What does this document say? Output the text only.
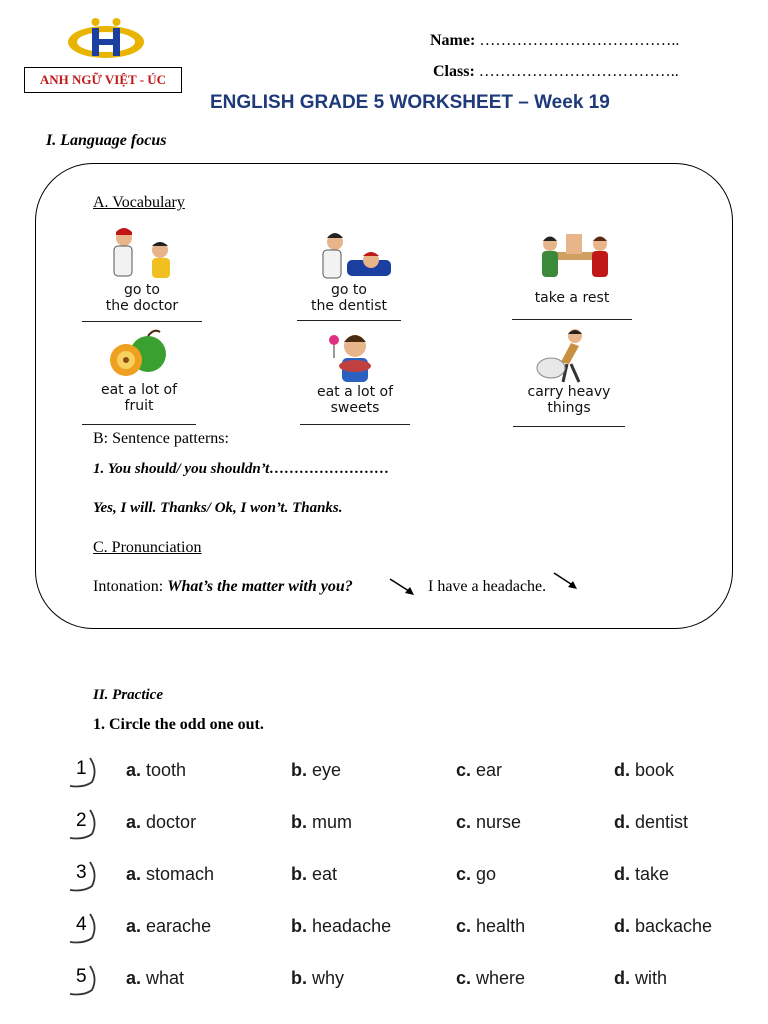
ANH NGỮ VIỆT - ÚC
Name: ………………………………..
Class: ………………………………..
ENGLISH GRADE 5 WORKSHEET – Week 19
I. Language focus
A. Vocabulary
go to
the doctor
go to
the dentist	take a rest
eat a lot of
fruit
eat a lot of
sweets
carry heavy
things
B: Sentence patterns:
1. You should/ you shouldn’t……………………
Yes, I will. Thanks/ Ok, I won’t. Thanks.
C. Pronunciation
Intonation: What’s the matter with you?	I have a headache.
II. Practice
1. Circle the odd one out.
1 a. tooth	b. eye	c. ear	d. book
2 a. doctor	b. mum	c. nurse	d. dentist
3 a. stomach	b. eat	c. go	d. take
4 a. earache	b. headache	c. health	d. backache
5 a. what	b. why	c. where	d. with
